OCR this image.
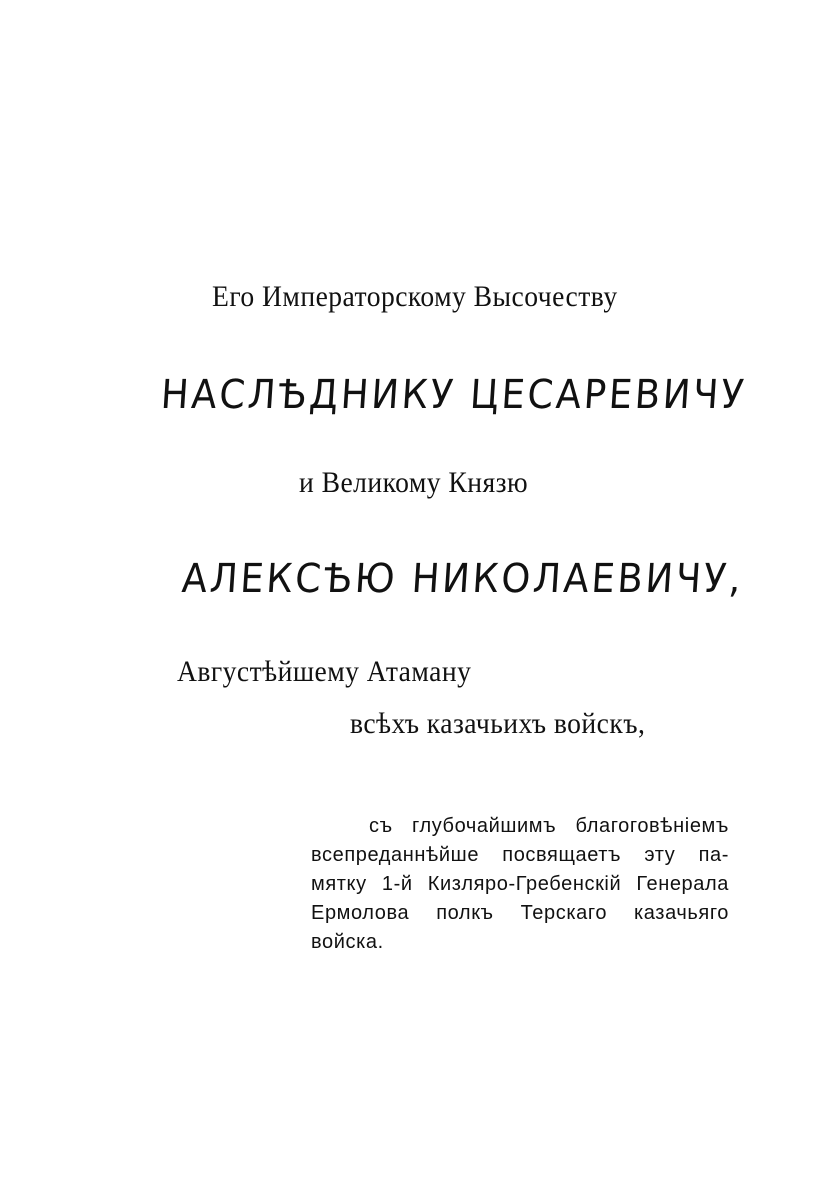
Его Императорскому Высочеству

НАСЛѢДНИКУ ЦЕСАРЕВИЧУ

и Великому Князю

АЛЕКСѢЮ НИКОЛАЕВИЧУ,

Августѣйшему Атаману

всѣхъ казачьихъ войскъ,

съ глубочайшимъ благоговѣніемъ
всепреданнѣйше посвящаетъ эту па-
мятку 1-й Кизляро-Гребенскій Генерала
Ермолова полкъ Терскаго казачьяго
войска.
